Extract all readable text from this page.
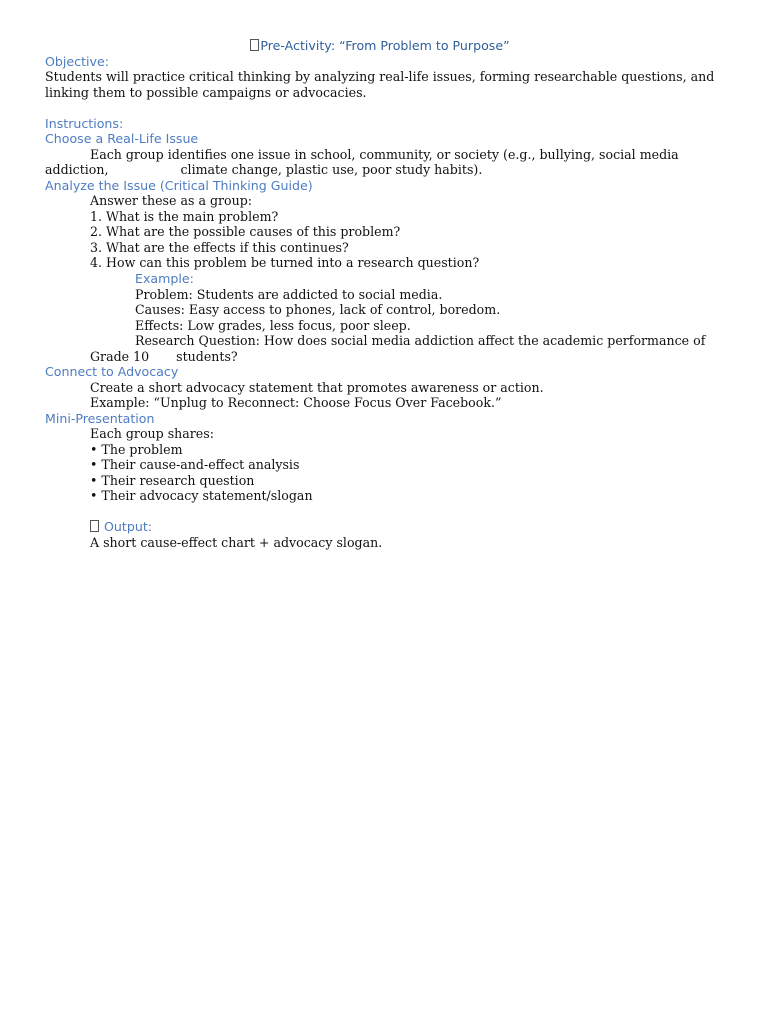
Pre-Activity: “From Problem to Purpose”
Objective:
Students will practice critical thinking by analyzing real-life issues, forming researchable questions, and
linking them to possible campaigns or advocacies.
Instructions:
Choose a Real-Life Issue
Each group identifies one issue in school, community, or society (e.g., bullying, social media
addiction,	climate change, plastic use, poor study habits).
Analyze the Issue (Critical Thinking Guide)
Answer these as a group:
1. What is the main problem?
2. What are the possible causes of this problem?
3. What are the effects if this continues?
4. How can this problem be turned into a research question?
Example:
Problem: Students are addicted to social media.
Causes: Easy access to phones, lack of control, boredom.
Effects: Low grades, less focus, poor sleep.
Research Question: How does social media addiction affect the academic performance of
Grade 10 students?
Connect to Advocacy
Create a short advocacy statement that promotes awareness or action.
Example: “Unplug to Reconnect: Choose Focus Over Facebook.”
Mini-Presentation
Each group shares:
• The problem
• Their cause-and-effect analysis
• Their research question
• Their advocacy statement/slogan
Output:
A short cause-effect chart + advocacy slogan.
